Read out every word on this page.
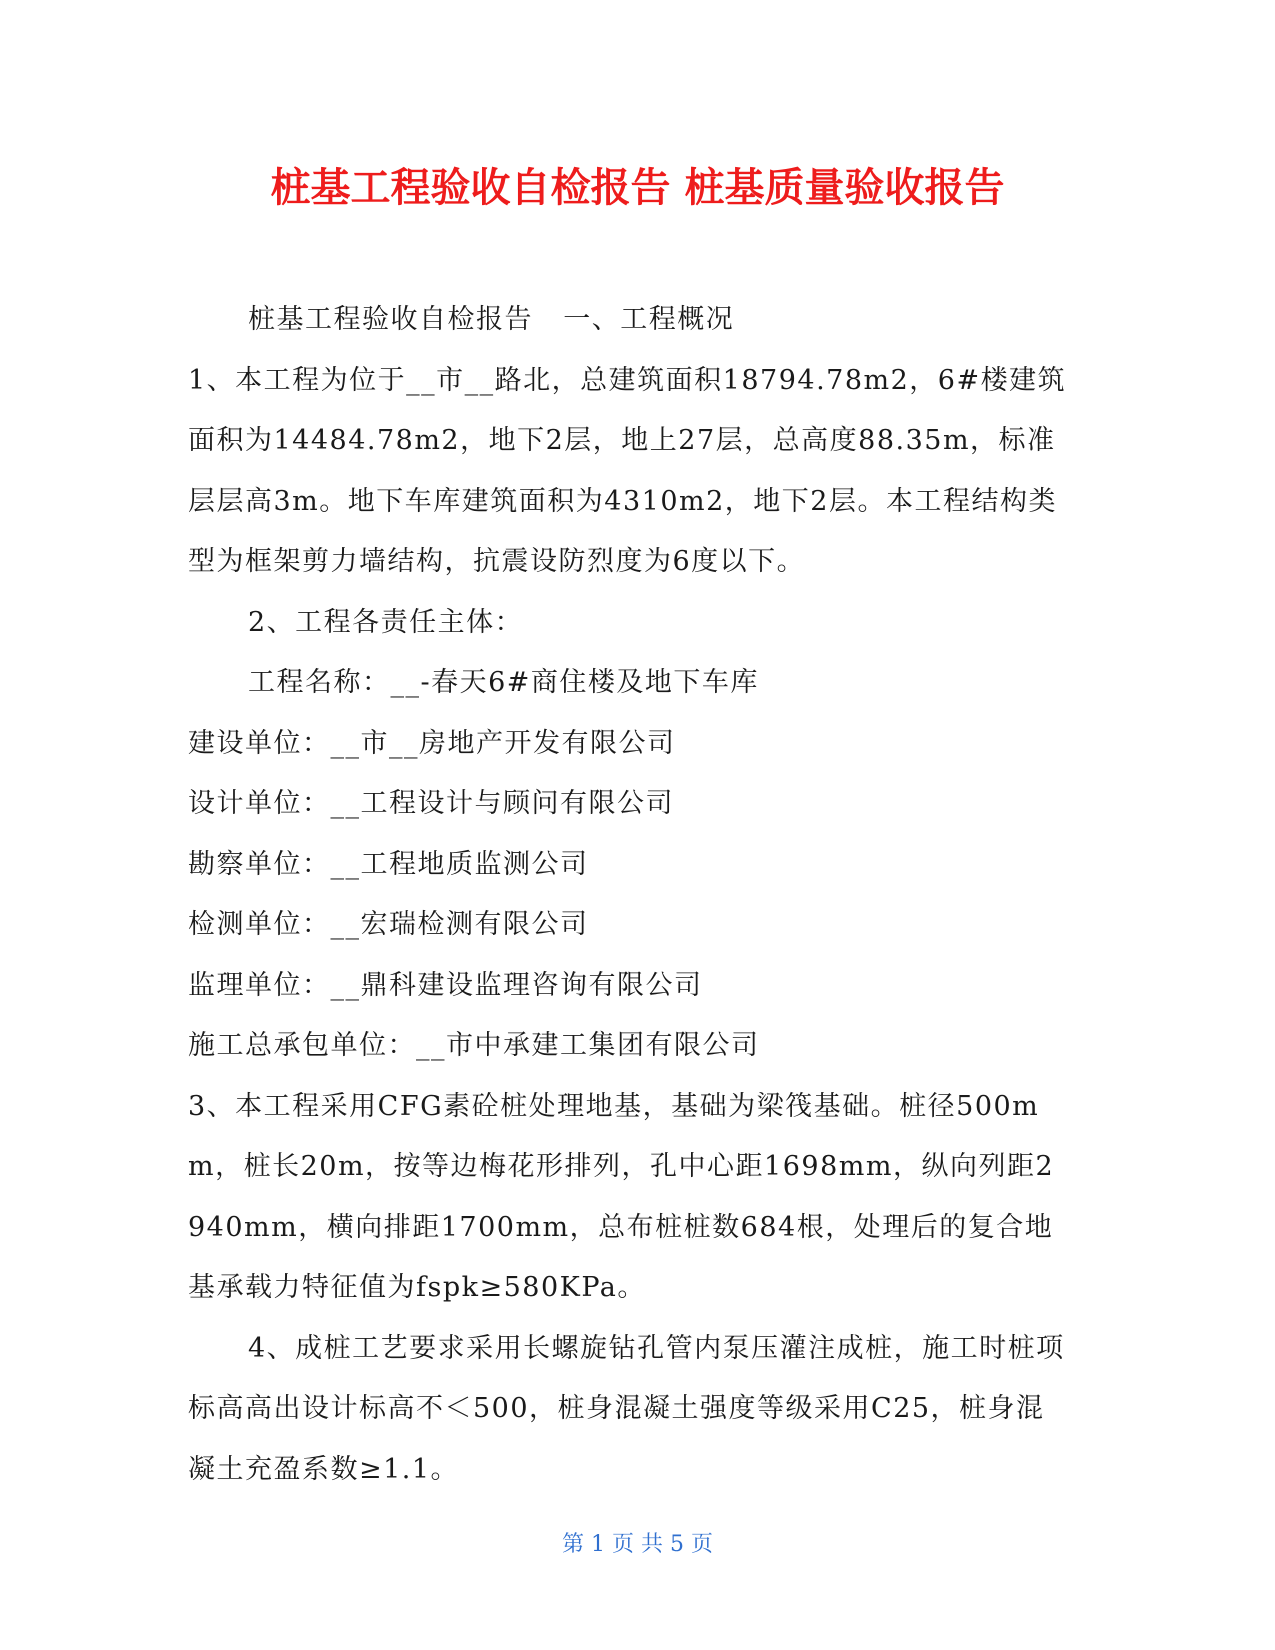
桩基工程验收自检报告 桩基质量验收报告

桩基工程验收自检报告   一、工程概况

1、本工程为位于__市__路北，总建筑面积18794.78m2，6#楼建筑面积为14484.78m2，地下2层，地上27层，总高度88.35m，标准层层高3m。地下车库建筑面积为4310m2，地下2层。本工程结构类型为框架剪力墙结构，抗震设防烈度为6度以下。

2、工程各责任主体：

工程名称：__-春天6#商住楼及地下车库

建设单位：__市__房地产开发有限公司

设计单位：__工程设计与顾问有限公司

勘察单位：__工程地质监测公司

检测单位：__宏瑞检测有限公司

监理单位：__鼎科建设监理咨询有限公司

施工总承包单位：__市中承建工集团有限公司

3、本工程采用CFG素砼桩处理地基，基础为梁筏基础。桩径500mm，桩长20m，按等边梅花形排列，孔中心距1698mm，纵向列距2940mm，横向排距1700mm，总布桩桩数684根，处理后的复合地基承载力特征值为fspk≥580KPa。

4、成桩工艺要求采用长螺旋钻孔管内泵压灌注成桩，施工时桩项标高高出设计标高不＜500，桩身混凝土强度等级采用C25，桩身混凝土充盈系数≥1.1。

第 1 页 共 5 页
